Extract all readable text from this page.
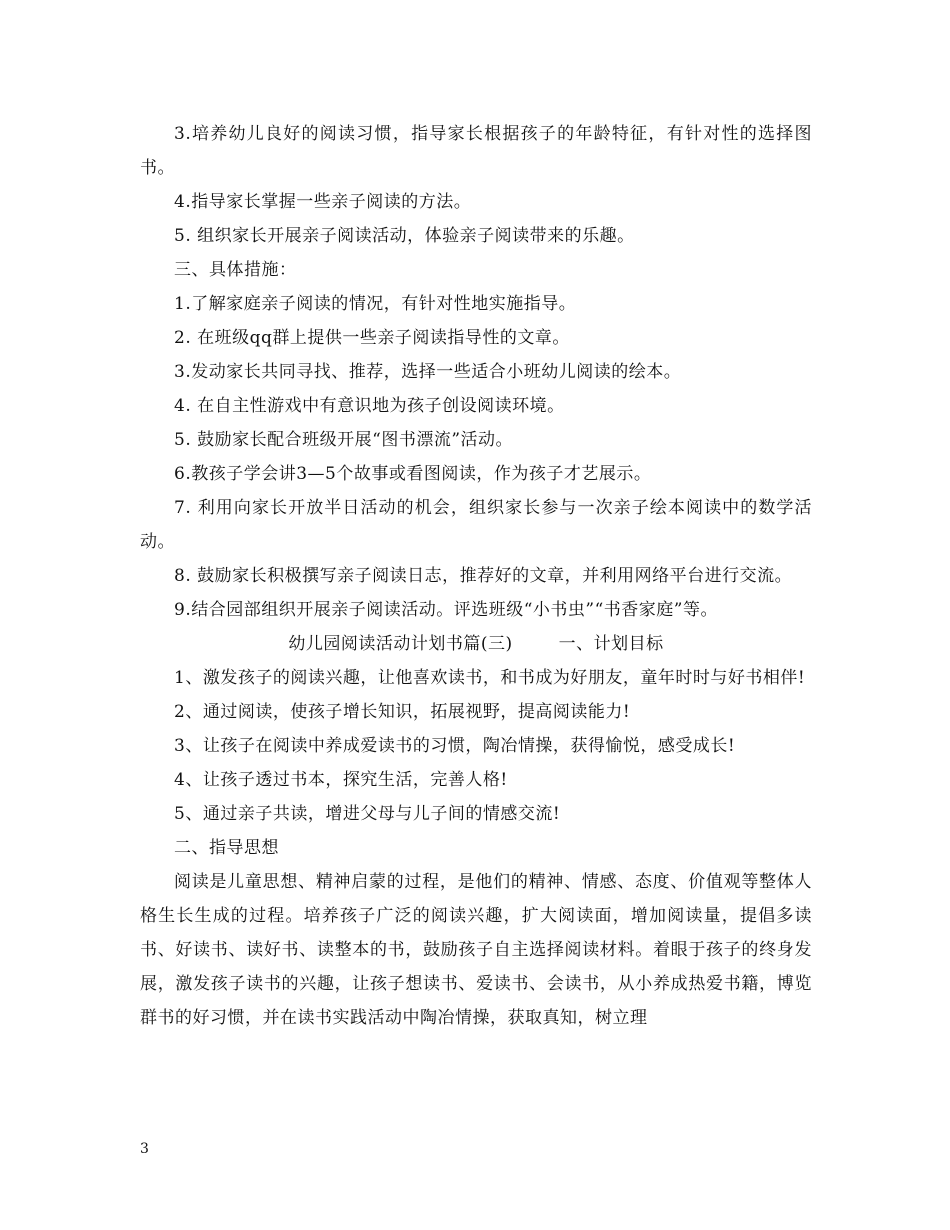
3.培养幼儿良好的阅读习惯，指导家长根据孩子的年龄特征，有针对性的选择图书。

4.指导家长掌握一些亲子阅读的方法。

5. 组织家长开展亲子阅读活动，体验亲子阅读带来的乐趣。

三、具体措施：

1.了解家庭亲子阅读的情况，有针对性地实施指导。

2. 在班级qq群上提供一些亲子阅读指导性的文章。

3.发动家长共同寻找、推荐，选择一些适合小班幼儿阅读的绘本。

4. 在自主性游戏中有意识地为孩子创设阅读环境。

5. 鼓励家长配合班级开展“图书漂流”活动。

6.教孩子学会讲3—5个故事或看图阅读，作为孩子才艺展示。

7. 利用向家长开放半日活动的机会，组织家长参与一次亲子绘本阅读中的数学活动。

8. 鼓励家长积极撰写亲子阅读日志，推荐好的文章，并利用网络平台进行交流。

9.结合园部组织开展亲子阅读活动。评选班级“小书虫”“书香家庭”等。

幼儿园阅读活动计划书篇(三)	一、计划目标

1、激发孩子的阅读兴趣，让他喜欢读书，和书成为好朋友，童年时时与好书相伴!

2、通过阅读，使孩子增长知识，拓展视野，提高阅读能力!

3、让孩子在阅读中养成爱读书的习惯，陶冶情操，获得愉悦，感受成长!

4、让孩子透过书本，探究生活，完善人格!

5、通过亲子共读，增进父母与儿子间的情感交流!

二、指导思想

阅读是儿童思想、精神启蒙的过程，是他们的精神、情感、态度、价值观等整体人格生长生成的过程。培养孩子广泛的阅读兴趣，扩大阅读面，增加阅读量，提倡多读书、好读书、读好书、读整本的书，鼓励孩子自主选择阅读材料。着眼于孩子的终身发展，激发孩子读书的兴趣，让孩子想读书、爱读书、会读书，从小养成热爱书籍，博览群书的好习惯，并在读书实践活动中陶冶情操，获取真知，树立理

3
